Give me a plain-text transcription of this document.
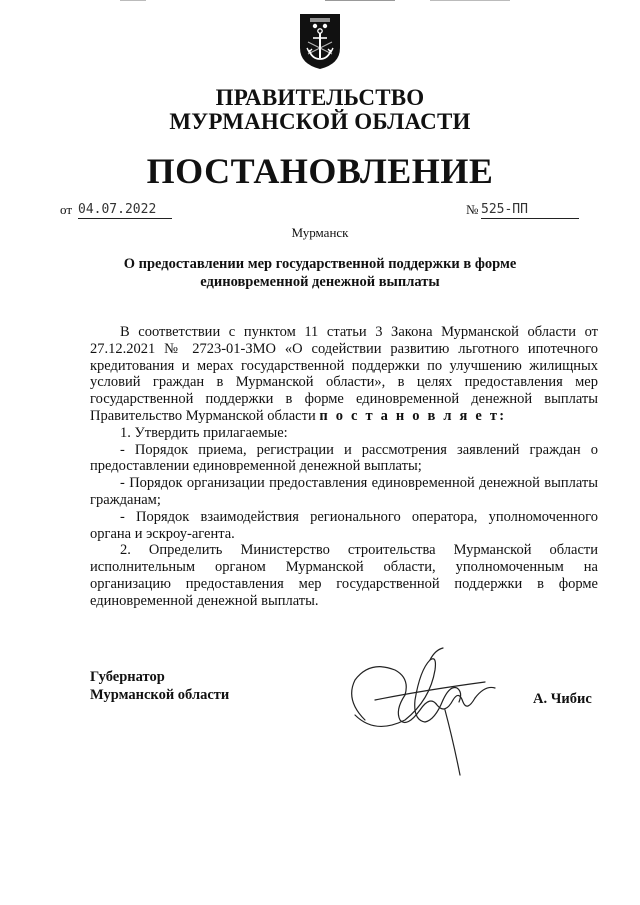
ПРАВИТЕЛЬСТВО
МУРМАНСКОЙ ОБЛАСТИ
ПОСТАНОВЛЕНИЕ
от 04.07.2022	№ 525-ПП
Мурманск
О предоставлении мер государственной поддержки в форме
единовременной денежной выплаты

В соответствии с пунктом 11 статьи 3 Закона Мурманской области от 27.12.2021 № 2723-01-ЗМО «О содействии развитию льготного ипотечного кредитования и мерах государственной поддержки по улучшению жилищных условий граждан в Мурманской области», в целях предоставления мер государственной поддержки в форме единовременной денежной выплаты Правительство Мурманской области п о с т а н о в л я е т:

1. Утвердить прилагаемые:

- Порядок приема, регистрации и рассмотрения заявлений граждан о предоставлении единовременной денежной выплаты;

- Порядок организации предоставления единовременной денежной выплаты гражданам;

- Порядок взаимодействия регионального оператора, уполномоченного органа и эскроу-агента.

2. Определить Министерство строительства Мурманской области исполнительным органом Мурманской области, уполномоченным на организацию предоставления мер государственной поддержки в форме единовременной денежной выплаты.

Губернатор
Мурманской области	А. Чибис
